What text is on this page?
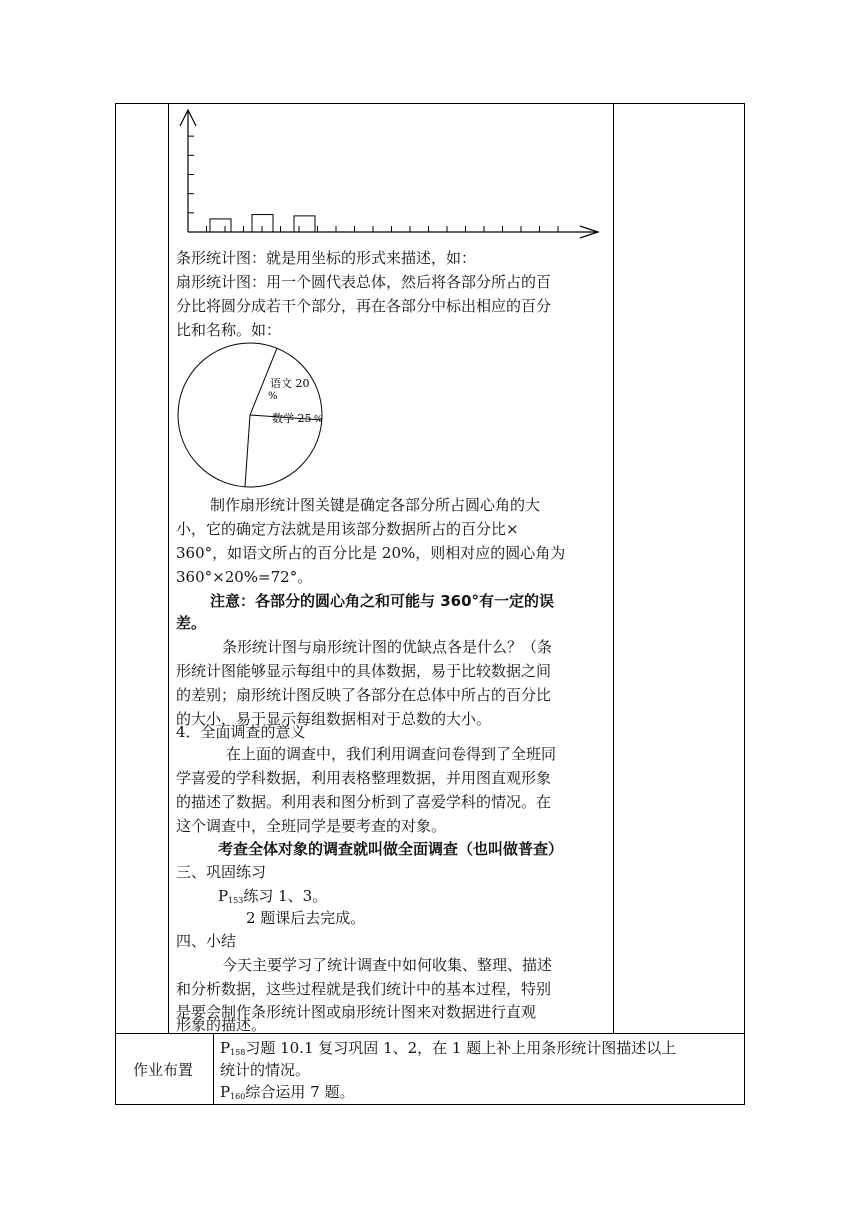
语文 20
%
数学 25 %
条形统计图：就是用坐标的形式来描述，如：
扇形统计图：用一个圆代表总体，然后将各部分所占的百
分比将圆分成若干个部分，再在各部分中标出相应的百分
比和名称。如：
制作扇形统计图关键是确定各部分所占圆心角的大
小，它的确定方法就是用该部分数据所占的百分比×
360°，如语文所占的百分比是 20%，则相对应的圆心角为
360°×20%=72°。
注意：各部分的圆心角之和可能与 360°有一定的误
差。
条形统计图与扇形统计图的优缺点各是什么？（条
形统计图能够显示每组中的具体数据，易于比较数据之间
的差别；扇形统计图反映了各部分在总体中所占的百分比
的大小，易于显示每组数据相对于总数的大小。
4．全面调查的意义
在上面的调查中，我们利用调查问卷得到了全班同
学喜爱的学科数据，利用表格整理数据，并用图直观形象
的描述了数据。利用表和图分析到了喜爱学科的情况。在
这个调查中，全班同学是要考查的对象。
考查全体对象的调查就叫做全面调查（也叫做普查）
三、巩固练习
$P_{153}$练习 1、3。
2 题课后去完成。
四、小结
今天主要学习了统计调查中如何收集、整理、描述
和分析数据，这些过程就是我们统计中的基本过程，特别
是要会制作条形统计图或扇形统计图来对数据进行直观
形象的描述。
作业布置
$P_{158}$习题 10.1 复习巩固 1、2，在 1 题上补上用条形统计图描述以上
统计的情况。
$P_{160}$综合运用 7 题。
